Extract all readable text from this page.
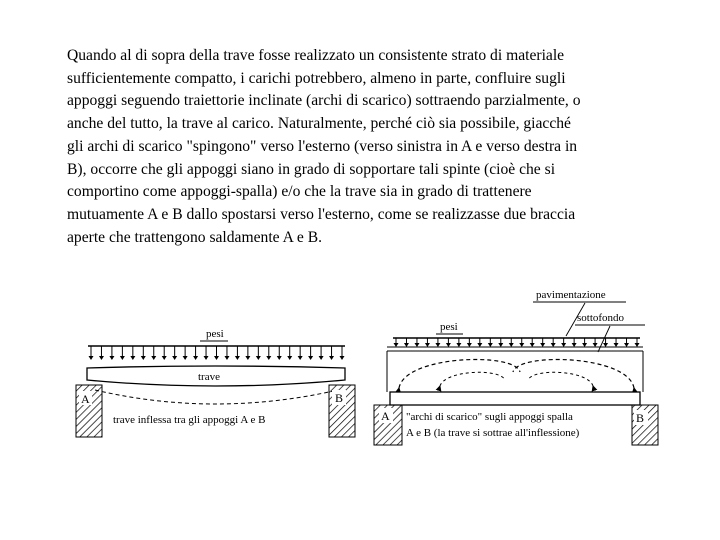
Quando al di sopra della trave fosse realizzato un consistente strato di materiale
sufficientemente compatto, i carichi potrebbero, almeno in parte, confluire sugli
appoggi seguendo traiettorie inclinate (archi di scarico) sottraendo parzialmente, o
anche del tutto, la trave al carico. Naturalmente, perché ciò sia possibile, giacché
gli archi di scarico "spingono" verso l'esterno (verso sinistra in A e verso destra in
B), occorre che gli appoggi siano in grado di sopportare tali spinte (cioè che si
comportino come appoggi-spalla) e/o che la trave sia in grado di trattenere
mutuamente A e B dallo spostarsi verso l'esterno, come se realizzasse due braccia
aperte che trattengono saldamente A e B.

pesi
trave
A	B
trave inflessa tra gli appoggi A e B
pavimentazione
sottofondo
pesi
A	B
"archi di scarico" sugli appoggi spalla
A e B (la trave si sottrae all'inflessione)
